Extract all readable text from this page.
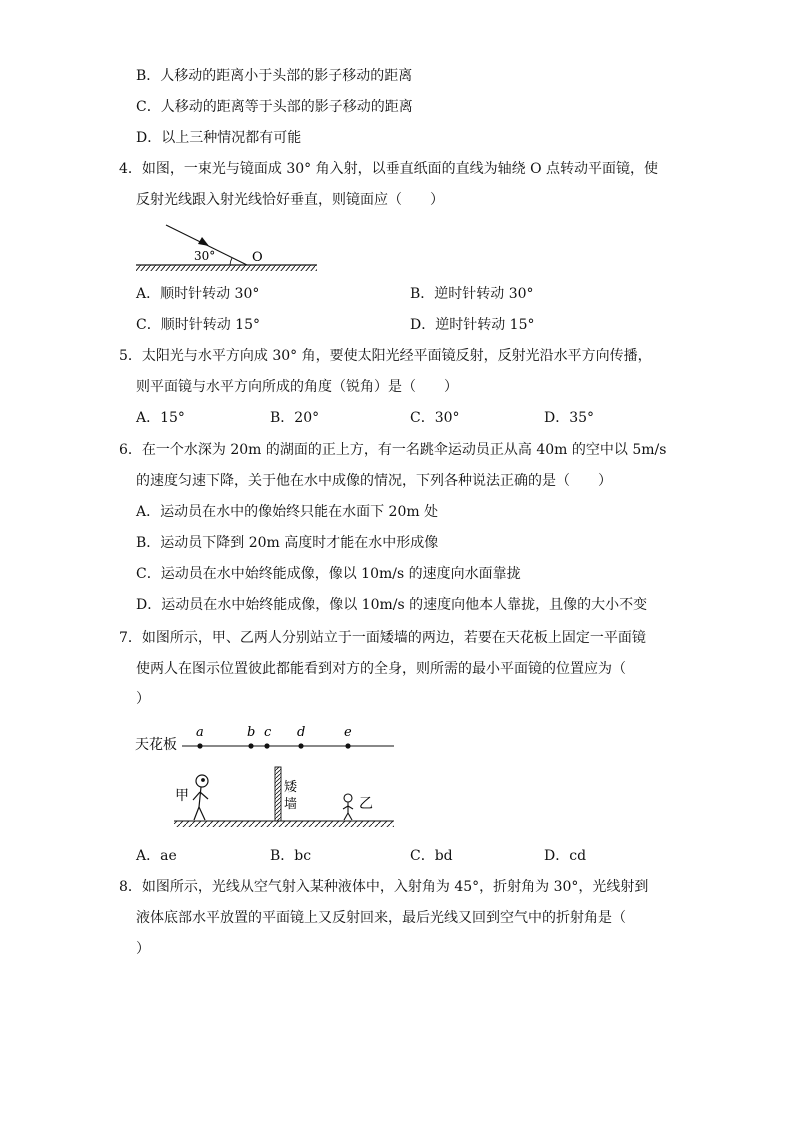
B．人移动的距离小于头部的影子移动的距离
C．人移动的距离等于头部的影子移动的距离
D．以上三种情况都有可能
4．如图，一束光与镜面成 30° 角入射，以垂直纸面的直线为轴绕 O 点转动平面镜，使
反射光线跟入射光线恰好垂直，则镜面应（　　）
30°	O
A．顺时针转动 30°	B．逆时针转动 30°
C．顺时针转动 15°	D．逆时针转动 15°
5．太阳光与水平方向成 30° 角，要使太阳光经平面镜反射，反射光沿水平方向传播，
则平面镜与水平方向所成的角度（锐角）是（　　）
A．15°	B．20°	C．30°	D．35°
6．在一个水深为 20m 的湖面的正上方，有一名跳伞运动员正从高 40m 的空中以 5m/s
的速度匀速下降，关于他在水中成像的情况，下列各种说法正确的是（　　）
A．运动员在水中的像始终只能在水面下 20m 处
B．运动员下降到 20m 高度时才能在水中形成像
C．运动员在水中始终能成像，像以 10m/s 的速度向水面靠拢
D．运动员在水中始终能成像，像以 10m/s 的速度向他本人靠拢，且像的大小不变
7．如图所示，甲、乙两人分别站立于一面矮墙的两边，若要在天花板上固定一平面镜
使两人在图示位置彼此都能看到对方的全身，则所需的最小平面镜的位置应为（
）
天花板
a	b c d	e
矮
墙
甲	乙
A．ae	B．bc	C．bd	D．cd
8．如图所示，光线从空气射入某种液体中，入射角为 45°，折射角为 30°，光线射到
液体底部水平放置的平面镜上又反射回来，最后光线又回到空气中的折射角是（
）
